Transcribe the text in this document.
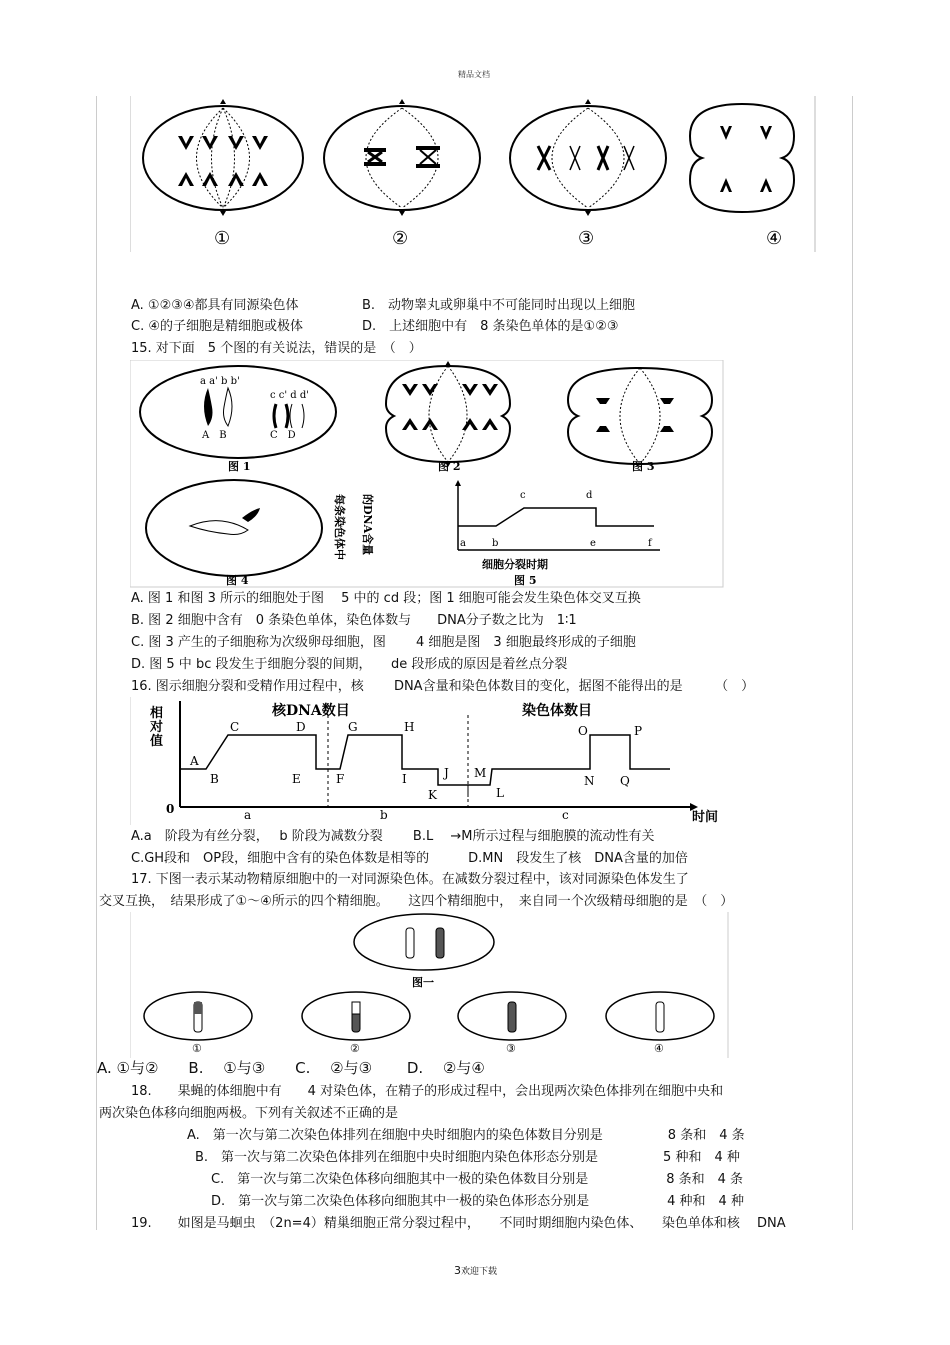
精品文档
①	②	③	④
A. ①②③④都具有同源染色体	B.　动物睾丸或卵巢中不可能同时出现以上细胞
C. ④的子细胞是精细胞或极体	D.　上述细胞中有　8 条染色单体的是①②③
15. 对下面　5 个图的有关说法，错误的是　（　）
a a' b b'
c c' d d'
A　B	C　D
图 1	图 2	图 3
图 4
每条染色体中 的DNA含量	a	b
c	d
e	f
细胞分裂时期
图 5
A. 图 1 和图 3 所示的细胞处于图　 5 中的 cd 段；图 1 细胞可能会发生染色体交叉互换
B. 图 2 细胞中含有　0 条染色单体，染色体数与　　DNA分子数之比为　1∶1
C. 图 3 产生的子细胞称为次级卵母细胞，图　　 4 细胞是图　3 细胞最终形成的子细胞
D. 图 5 中 bc 段发生于细胞分裂的间期，　　de 段形成的原因是着丝点分裂
16. 图示细胞分裂和受精作用过程中，核　　 DNA含量和染色体数目的变化，据图不能得出的是　　　（　）
相
对
值
0
核DNA数目	染色体数目
A
B
C	D
E	F
G	H
I	J
K	L
M
N
O	P
Q
a	b	c	时间
A.a　阶段为有丝分裂，　 b 阶段为减数分裂　　 B.L　 →M所示过程与细胞膜的流动性有关
C.GH段和　OP段，细胞中含有的染色体数是相等的　　　D.MN　段发生了核　DNA含量的加倍
17. 下图一表示某动物精原细胞中的一对同源染色体。在减数分裂过程中，该对同源染色体发生了
交叉互换，　结果形成了①～④所示的四个精细胞。　　这四个精细胞中，　来自同一个次级精母细胞的是　（　）
图一
①	②	③	④
A. ①与②　　B.　 ①与③　　C.　 ②与③　　 D.　 ②与④
18.　　果蝇的体细胞中有　　4 对染色体，在精子的形成过程中，会出现两次染色体排列在细胞中央和
两次染色体移向细胞两极。下列有关叙述不正确的是
A.　第一次与第二次染色体排列在细胞中央时细胞内的染色体数目分别是　　　　　8 条和　4 条
B.　第一次与第二次染色体排列在细胞中央时细胞内染色体形态分别是　　　　　5 种和　4 种
C.　第一次与第二次染色体移向细胞其中一极的染色体数目分别是　　　　　　8 条和　4 条
D.　第一次与第二次染色体移向细胞其中一极的染色体形态分别是　　　　　　4 种和　4 种
19.　　如图是马蛔虫　（2n=4）精巢细胞正常分裂过程中，　　不同时期细胞内染色体、　　染色单体和核　 DNA
3欢迎下载
